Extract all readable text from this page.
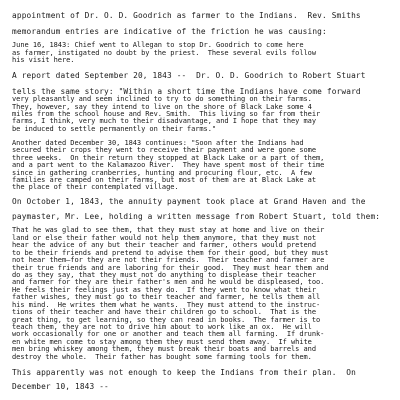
appointment of Dr. O. D. Goodrich as farmer to the Indians.  Rev. Smiths
memorandum entries are indicative of the friction he was causing:
June 16, 1843: Chief went to Allegan to stop Dr. Goodrich to come here
as farmer, instigated no doubt by the priest.  These several evils follow
his visit here.
A report dated September 20, 1843 --  Dr. O. D. Goodrich to Robert Stuart
tells the same story: "Within a short time the Indians have come forward
very pleasantly and seem inclined to try to do something on their farms.
They, however, say they intend to live on the shore of Black Lake some 4
miles from the school house and Rev. Smith.  This living so far from their
farms, I think, very much to their disadvantage, and I hope that they may
be induced to settle permanently on their farms."
Another dated December 30, 1843 continues: "Soon after the Indians had
secured their crops they went to receive their payment and were gone some
three weeks.  On their return they stopped at Black Lake or a part of them,
and a part went to the Kalamazoo River.  They have spent most of their time
since in gathering cranberries, hunting and procuring flour, etc.  A few
families are camped on their farms, but most of them are at Black Lake at
the place of their contemplated village.
On October 1, 1843, the annuity payment took place at Grand Haven and the
paymaster, Mr. Lee, holding a written message from Robert Stuart, told them:
That he was glad to see them, that they must stay at home and live on their
land or else their father would not help them anymore, that they must not
hear the advice of any but their teacher and farmer, others would pretend
to be their friends and pretend to advise them for their good, but they must
not hear them—for they are not their friends.  Their teacher and farmer are
their true friends and are laboring for their good.  They must hear them and
do as they say, that they must not do anything to displease their teacher
and farmer for they are their father's men and he would be displeased, too.
He feels their feelings just as they do.  If they went to know what their
father wishes, they must go to their teacher and farmer, he tells them all
his mind.  He writes them what he wants.  They must attend to the instruc-
tions of their teacher and have their children go to school.  That is the
great thing, to get learning, so they can read in books.  The farmer is to
teach them, they are not to drive him about to work like an ox.  He will
work occasionally for one or another and teach them all farming.  If drunk-
en white men come to stay among them they must send them away.  If white
men bring whiskey among them, they must break their boats and barrels and
destroy the whole.  Their father has bought some farming tools for them.
This apparently was not enough to keep the Indians from their plan.  On
December 10, 1843 --
